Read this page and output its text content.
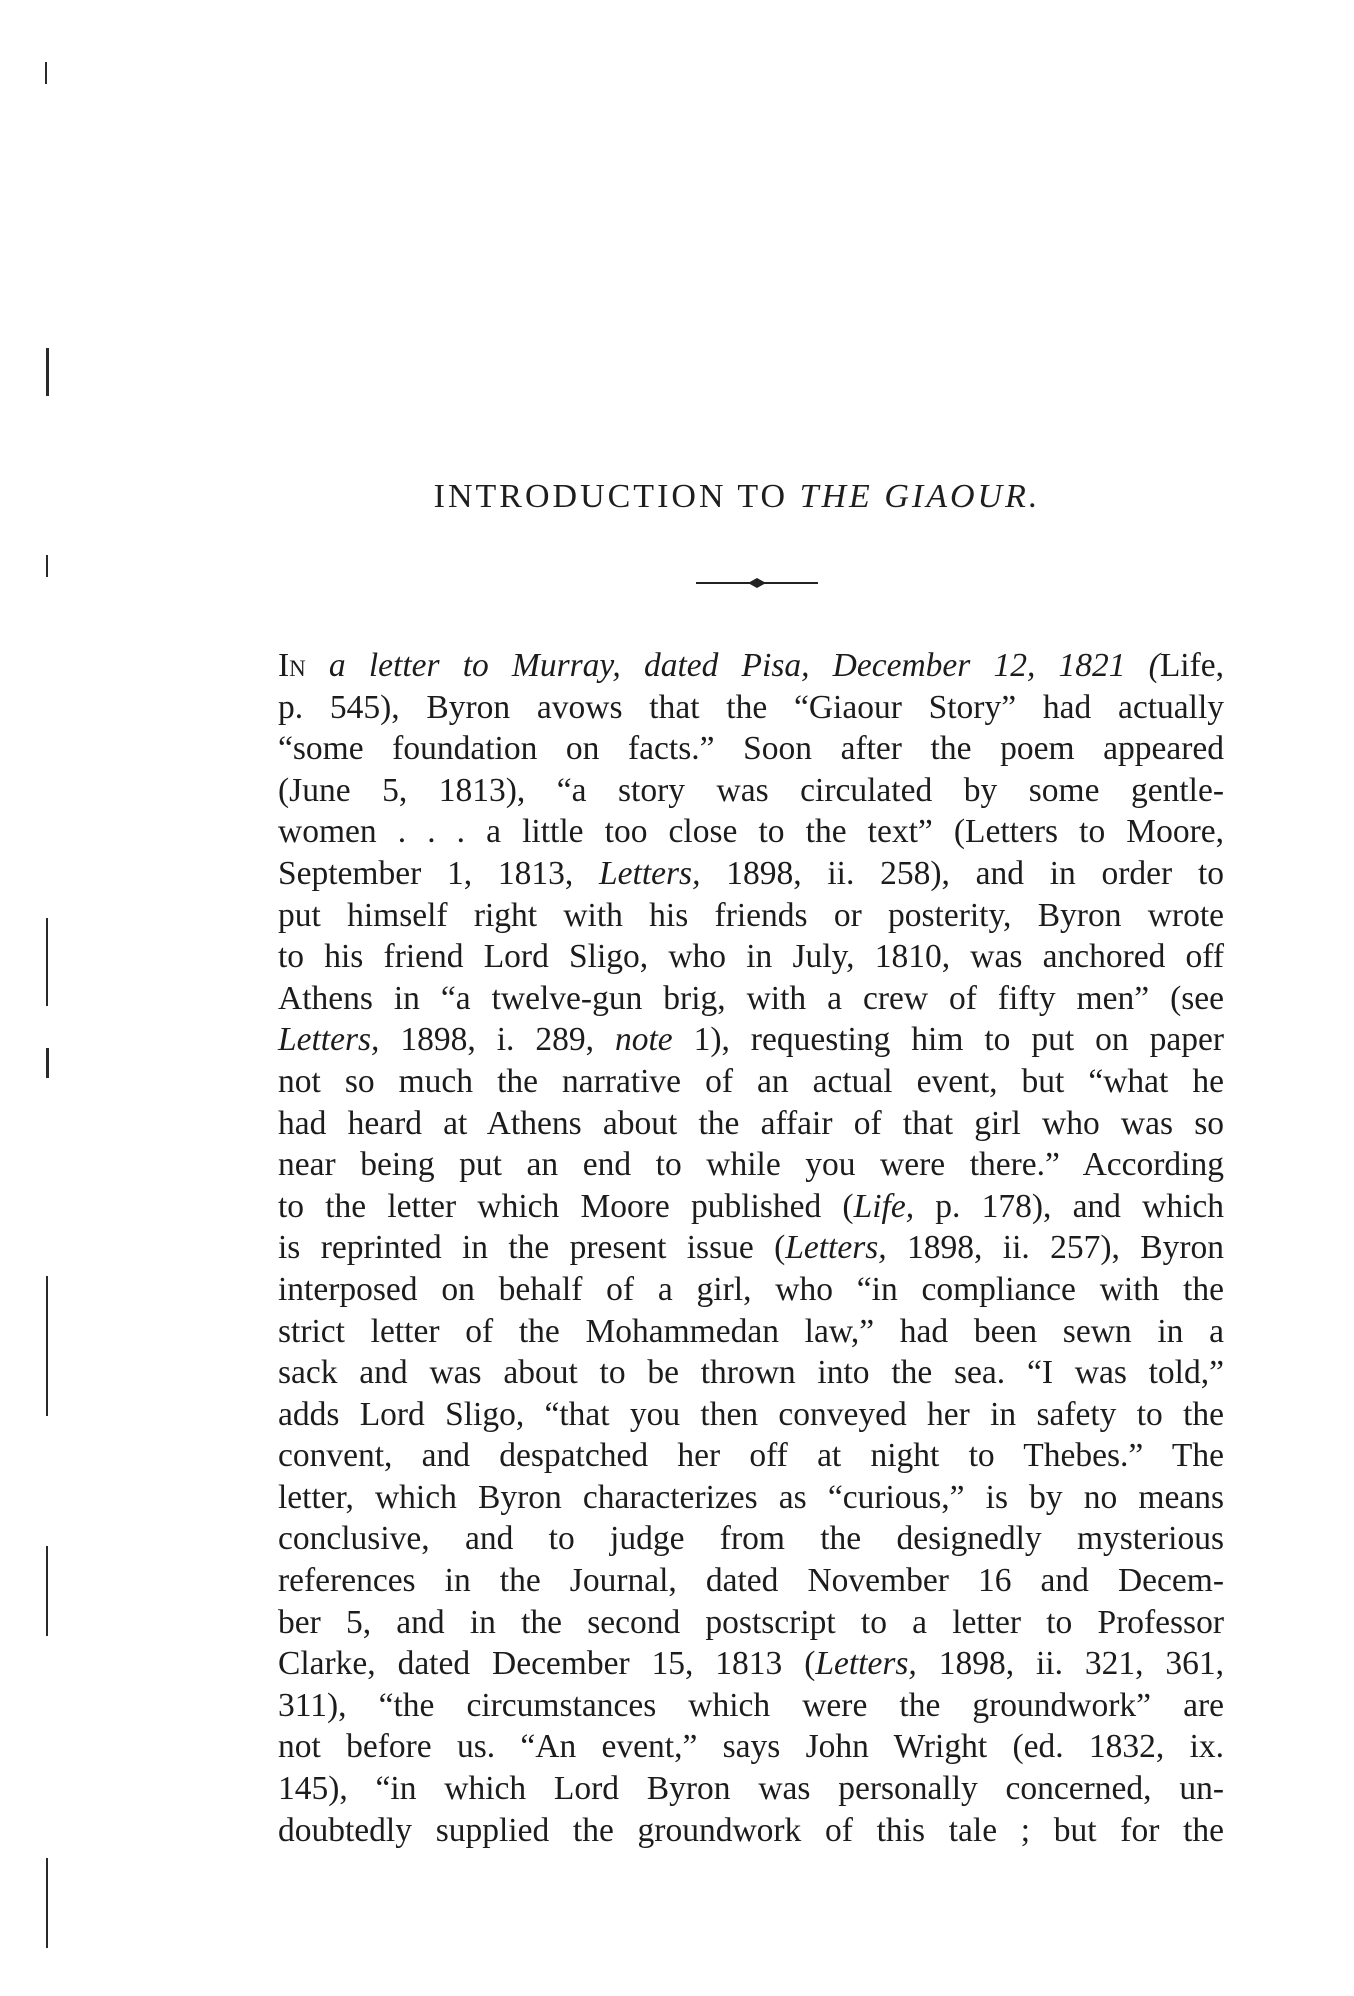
INTRODUCTION TO THE GIAOUR.
In a letter to Murray, dated Pisa, December 12, 1821 (Life,
p. 545), Byron avows that the “Giaour Story” had actually
“some foundation on facts.” Soon after the poem appeared
(June 5, 1813), “a story was circulated by some gentle-
women . . . a little too close to the text” (Letters to Moore,
September 1, 1813, Letters, 1898, ii. 258), and in order to
put himself right with his friends or posterity, Byron wrote
to his friend Lord Sligo, who in July, 1810, was anchored off
Athens in “a twelve-gun brig, with a crew of fifty men” (see
Letters, 1898, i. 289, note 1), requesting him to put on paper
not so much the narrative of an actual event, but “what he
had heard at Athens about the affair of that girl who was so
near being put an end to while you were there.” According
to the letter which Moore published (Life, p. 178), and which
is reprinted in the present issue (Letters, 1898, ii. 257), Byron
interposed on behalf of a girl, who “in compliance with the
strict letter of the Mohammedan law,” had been sewn in a
sack and was about to be thrown into the sea. “I was told,”
adds Lord Sligo, “that you then conveyed her in safety to the
convent, and despatched her off at night to Thebes.” The
letter, which Byron characterizes as “curious,” is by no means
conclusive, and to judge from the designedly mysterious
references in the Journal, dated November 16 and Decem-
ber 5, and in the second postscript to a letter to Professor
Clarke, dated December 15, 1813 (Letters, 1898, ii. 321, 361,
311), “the circumstances which were the groundwork” are
not before us. “An event,” says John Wright (ed. 1832, ix.
145), “in which Lord Byron was personally concerned, un-
doubtedly supplied the groundwork of this tale ; but for the
